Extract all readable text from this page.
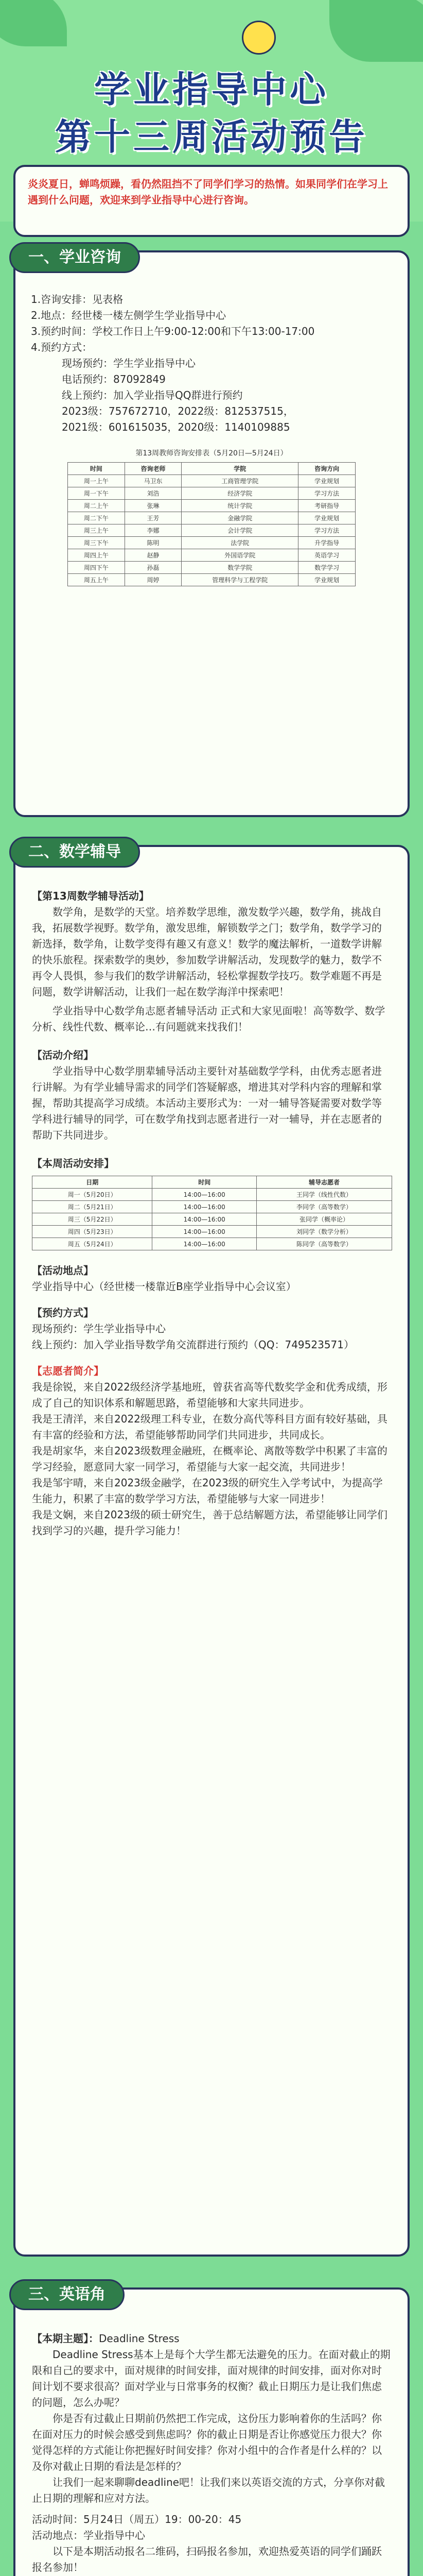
学业指导中心
第十三周活动预告
炎炎夏日，蝉鸣烦躁，看仍然阻挡不了同学们学习的热情。如果同学们在学习上遇到什么问题，欢迎来到学业指导中心进行咨询。
1.咨询安排：见表格
2.地点：经世楼一楼左侧学生学业指导中心
3.预约时间：学校工作日上午9:00-12:00和下午13:00-17:00
4.预约方式：
现场预约：学生学业指导中心
电话预约：87092849
线上预约：加入学业指导QQ群进行预约
2023级：757672710，2022级：812537515，
2021级：601615035，2020级：1140109885
第13周教师咨询安排表（5月20日—5月24日）
时间	咨询老师	学院	咨询方向
周一上午	马卫东	工商管理学院	学业规划
周一下午	刘浩	经济学院	学习方法
周二上午	张琳	统计学院	考研指导
周二下午	王芳	金融学院	学业规划
周三上午	李娜	会计学院	学习方法
周三下午	陈明	法学院	升学指导
周四上午	赵静	外国语学院	英语学习
周四下午	孙磊	数学学院	数学学习
周五上午	周婷	管理科学与工程学院	学业规划
一、学业咨询
【第13周数学辅导活动】
数学角，是数学的天堂。培养数学思维，激发数学兴趣，数学角，挑战自我，拓展数学视野。数学角，激发思维，解锁数学之门；数学角，数学学习的新选择，数学角，让数学变得有趣又有意义！数学的魔法解析，一道数学讲解的快乐旅程。探索数学的奥妙，参加数学讲解活动，发现数学的魅力，数学不再令人畏惧，参与我们的数学讲解活动，轻松掌握数学技巧。数学难题不再是问题，数学讲解活动，让我们一起在数学海洋中探索吧！
学业指导中心数学角志愿者辅导活动 正式和大家见面啦！高等数学、数学分析、线性代数、概率论…有问题就来找我们！
【活动介绍】
学业指导中心数学朋辈辅导活动主要针对基础数学学科，由优秀志愿者进行讲解。为有学业辅导需求的同学们答疑解惑，增进其对学科内容的理解和掌握，帮助其提高学习成绩。本活动主要形式为：一对一辅导答疑需要对数学等学科进行辅导的同学，可在数学角找到志愿者进行一对一辅导，并在志愿者的帮助下共同进步。
【本周活动安排】
日期	时间	辅导志愿者
周一（5月20日）	14:00—16:00	王同学（线性代数）
周二（5月21日）	14:00—16:00	李同学（高等数学）
周三（5月22日）	14:00—16:00	张同学（概率论）
周四（5月23日）	14:00—16:00	刘同学（数学分析）
周五（5月24日）	14:00—16:00	陈同学（高等数学）
【活动地点】
学业指导中心（经世楼一楼靠近B座学业指导中心会议室）
【预约方式】
现场预约：学生学业指导中心
线上预约：加入学业指导数学角交流群进行预约（QQ：749523571）
【志愿者简介】
我是徐锐，来自2022级经济学基地班，曾获省高等代数奖学金和优秀成绩，形成了自己的知识体系和解题思路，希望能够和大家共同进步。
我是王清洋，来自2022级理工科专业，在数分高代等科目方面有较好基础，具有丰富的经验和方法，希望能够帮助同学们共同进步，共同成长。
我是胡家华，来自2023级数理金融班，在概率论、离散等数学中积累了丰富的学习经验，愿意同大家一同学习，希望能与大家一起交流，共同进步！
我是邹宇晴，来自2023级金融学，在2023级的研究生入学考试中，为提高学生能力，积累了丰富的数学学习方法，希望能够与大家一同进步！
我是文娴，来自2023级的硕士研究生，善于总结解题方法，希望能够让同学们找到学习的兴趣，提升学习能力！
二、数学辅导
【本期主题】：Deadline Stress
Deadline Stress基本上是每个大学生都无法避免的压力。在面对截止的期限和自己的要求中，面对规律的时间安排，面对规律的时间安排，面对你对时间计划不要求很高？面对学业与日常事务的权衡？截止日期压力是让我们焦虑的问题，怎么办呢？
你是否有过截止日期前仍然把工作完成，这份压力影响着你的生活吗？你在面对压力的时候会感受到焦虑吗？你的截止日期是否让你感觉压力很大？你觉得怎样的方式能让你把握好时间安排？你对小组中的合作者是什么样的？以及你对截止日期的看法是怎样的？
让我们一起来聊聊deadline吧！让我们来以英语交流的方式，分享你对截止日期的理解和应对方法。
活动时间：5月24日（周五）19：00-20：45
活动地点：学业指导中心
以下是本期活动报名二维码，扫码报名参加，欢迎热爱英语的同学们踊跃报名参加！
三、英语角
